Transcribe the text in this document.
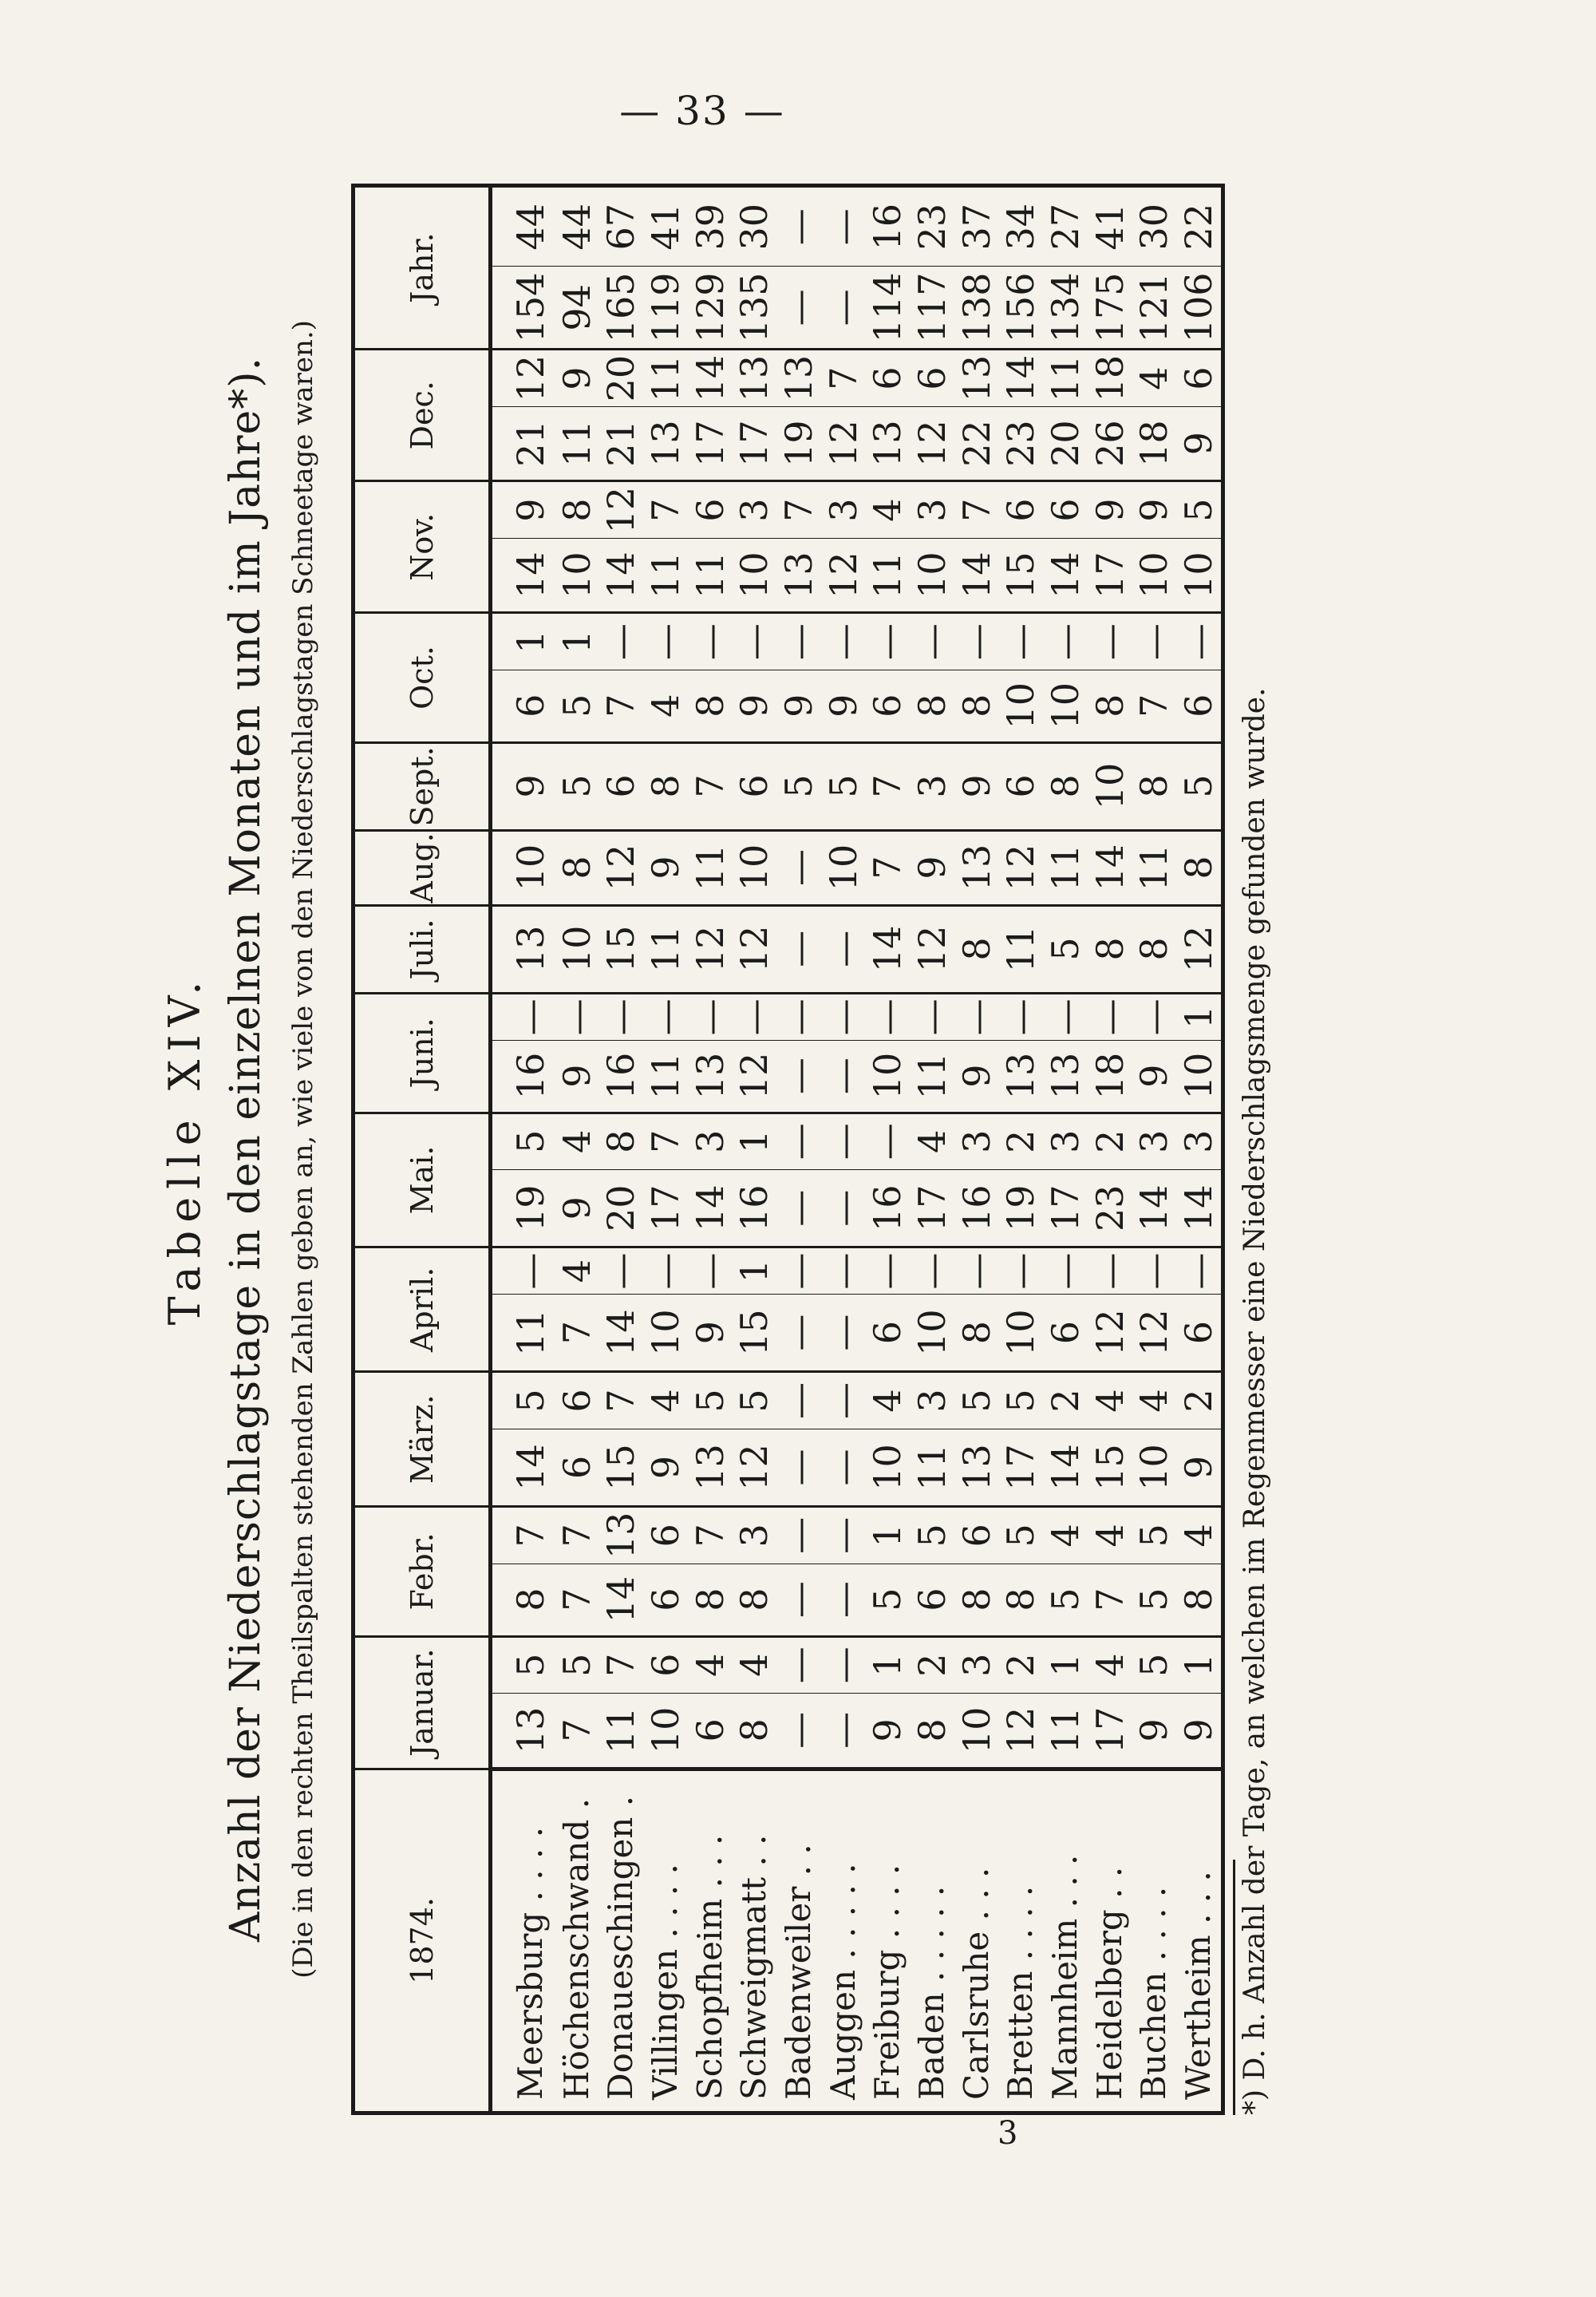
— 33 —
3
Tabelle XIV. Anzahl der Niederschlagstage in den einzelnen Monaten und im Jahre*). (Die in den rechten Theilspalten stehenden Zahlen geben an, wie viele von den Niederschlagstagen Schneetage waren.)	1874.	Januar.		Febr.		März.		April.		Mai.		Juni.		Juli.	Aug.	Sept.	Oct.		Nov.		Dec.		Jahr.	
Meersburg . . . .	13	5	8	7	14	5	11	—	19	5	16	—	13		10		9		6	1	14	9	21	12	154	44
Höchenschwand .	7	5	7	7	6	6	7	4	9	4	9	—	10		8		5		5	1	10	8	11	9	94	44
Donaueschingen .	11	7	14	13	15	7	14	—	20	8	16	—	15		12		6		7	—	14	12	21	20	165	67
Villingen . . . .	10	6	6	6	9	4	10	—	17	7	11	—	11		9		8		4	—	11	7	13	11	119	41
Schopfheim . . .	6	4	8	7	13	5	9	—	14	3	13	—	12		11		7		8	—	11	6	17	14	129	39
Schweigmatt . .	8	4	8	3	12	5	15	1	16	1	12	—	12		10		6		9	—	10	3	17	13	135	30
Badenweiler . .	—	—	—	—	—	—	—	—	—	—	—	—	—		—		5		9	—	13	7	19	13	—	—
Auggen . . . . .	—	—	—	—	—	—	—	—	—	—	—	—	—		10		5		9	—	12	3	12	7	—	—
Freiburg . . . .	9	1	5	1	10	4	6	—	16	—	10	—	14		7		7		6	—	11	4	13	6	114	16
Baden . . . . .	8	2	6	5	11	3	10	—	17	4	11	—	12		9		3		8	—	10	3	12	6	117	23
Carlsruhe . . .	10	3	8	6	13	5	8	—	16	3	9	—	8		13		9		8	—	14	7	22	13	138	37
Bretten . . . .	12	2	8	5	17	5	10	—	19	2	13	—	11		12		6		10	—	15	6	23	14	156	34
Mannheim . . .	11	1	5	4	14	2	6	—	17	3	13	—	5		11		8		10	—	14	6	20	11	134	27
Heidelberg . .	17	4	7	4	15	4	12	—	23	2	18	—	8		14		10		8	—	17	9	26	18	175	41
Buchen . . . .	9	5	5	5	10	4	12	—	14	3	9	—	8		11		8		7	—	10	9	18	4	121	30
Wertheim . . .	9	1	8	4	9	2	6	—	14	3	10	1	12		8		5		6	—	10	5	9	6	106	22
*) D. h. Anzahl der Tage, an welchen im Regenmesser eine Niederschlagsmenge gefunden wurde.
